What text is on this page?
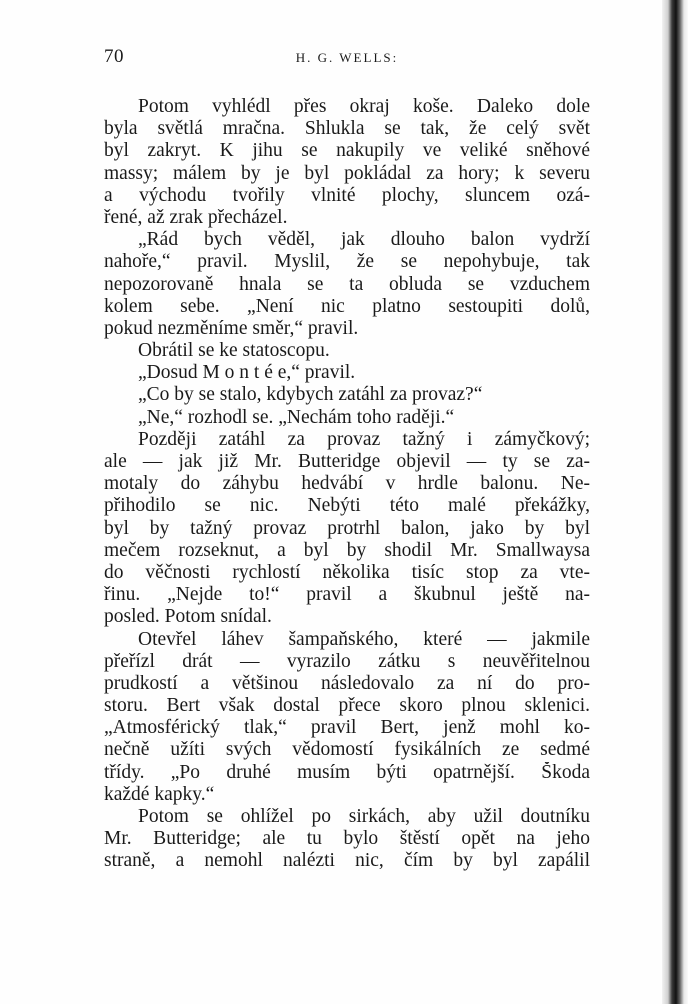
70	H. G. WELLS:
Potom vyhlédl přes okraj koše. Daleko dole
byla světlá mračna. Shlukla se tak, že celý svět
byl zakryt. K jihu se nakupily ve veliké sněhové
massy; málem by je byl pokládal za hory; k severu
a východu tvořily vlnité plochy, sluncem ozá-
řené, až zrak přecházel.
„Rád bych věděl, jak dlouho balon vydrží
nahoře,“ pravil. Myslil, že se nepohybuje, tak
nepozorovaně hnala se ta obluda se vzduchem
kolem sebe. „Není nic platno sestoupiti dolů,
pokud nezměníme směr,“ pravil.
Obrátil se ke statoscopu.
„Dosud M o n t é e,“ pravil.
„Co by se stalo, kdybych zatáhl za provaz?“
„Ne,“ rozhodl se. „Nechám toho raději.“
Později zatáhl za provaz tažný i zámyčkový;
ale — jak již Mr. Butteridge objevil — ty se za-
motaly do záhybu hedvábí v hrdle balonu. Ne-
přihodilo se nic. Nebýti této malé překážky,
byl by tažný provaz protrhl balon, jako by byl
mečem rozseknut, a byl by shodil Mr. Smallwaysa
do věčnosti rychlostí několika tisíc stop za vte-
řinu. „Nejde to!“ pravil a škubnul ještě na-
posled. Potom snídal.
Otevřel láhev šampaňského, které — jakmile
přeřízl drát — vyrazilo zátku s neuvěřitelnou
prudkostí a většinou následovalo za ní do pro-
storu. Bert však dostal přece skoro plnou sklenici.
„Atmosférický tlak,“ pravil Bert, jenž mohl ko-
nečně užíti svých vědomostí fysikálních ze sedmé
třídy. „Po druhé musím býti opatrnější. Škoda
každé kapky.“
Potom se ohlížel po sirkách, aby užil doutníku
Mr. Butteridge; ale tu bylo štěstí opět na jeho
straně, a nemohl nalézti nic, čím by byl zapálil
